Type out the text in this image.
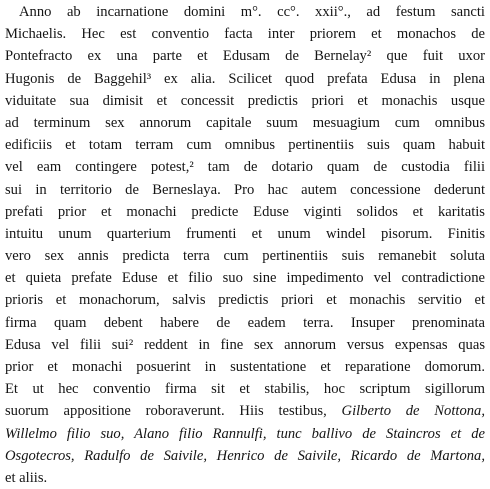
Anno ab incarnatione domini m°. cc°. xxii°., ad festum sancti
Michaelis. Hec est conventio facta inter priorem et monachos de
Pontefracto ex una parte et Edusam de Bernelay² que fuit uxor
Hugonis de Baggehil³ ex alia. Scilicet quod prefata Edusa in plena
viduitate sua dimisit et concessit predictis priori et monachis usque
ad terminum sex annorum capitale suum mesuagium cum omnibus
edificiis et totam terram cum omnibus pertinentiis suis quam habuit
vel eam contingere potest,² tam de dotario quam de custodia filii
sui in territorio de Berneslaya. Pro hac autem concessione dederunt
prefati prior et monachi predicte Eduse viginti solidos et karitatis
intuitu unum quarterium frumenti et unum windel pisorum. Finitis
vero sex annis predicta terra cum pertinentiis suis remanebit soluta
et quieta prefate Eduse et filio suo sine impedimento vel contradictione
prioris et monachorum, salvis predictis priori et monachis servitio et
firma quam debent habere de eadem terra. Insuper prenominata
Edusa vel filii sui² reddent in fine sex annorum versus expensas quas
prior et monachi posuerint in sustentatione et reparatione domorum.
Et ut hec conventio firma sit et stabilis, hoc scriptum sigillorum
suorum appositione roboraverunt. Hiis testibus, Gilberto de Nottona,
Willelmo filio suo, Alano filio Rannulfi, tunc ballivo de Staincros et de
Osgotecros, Radulfo de Saivile, Henrico de Saivile, Ricardo de Martona,
et aliis.
